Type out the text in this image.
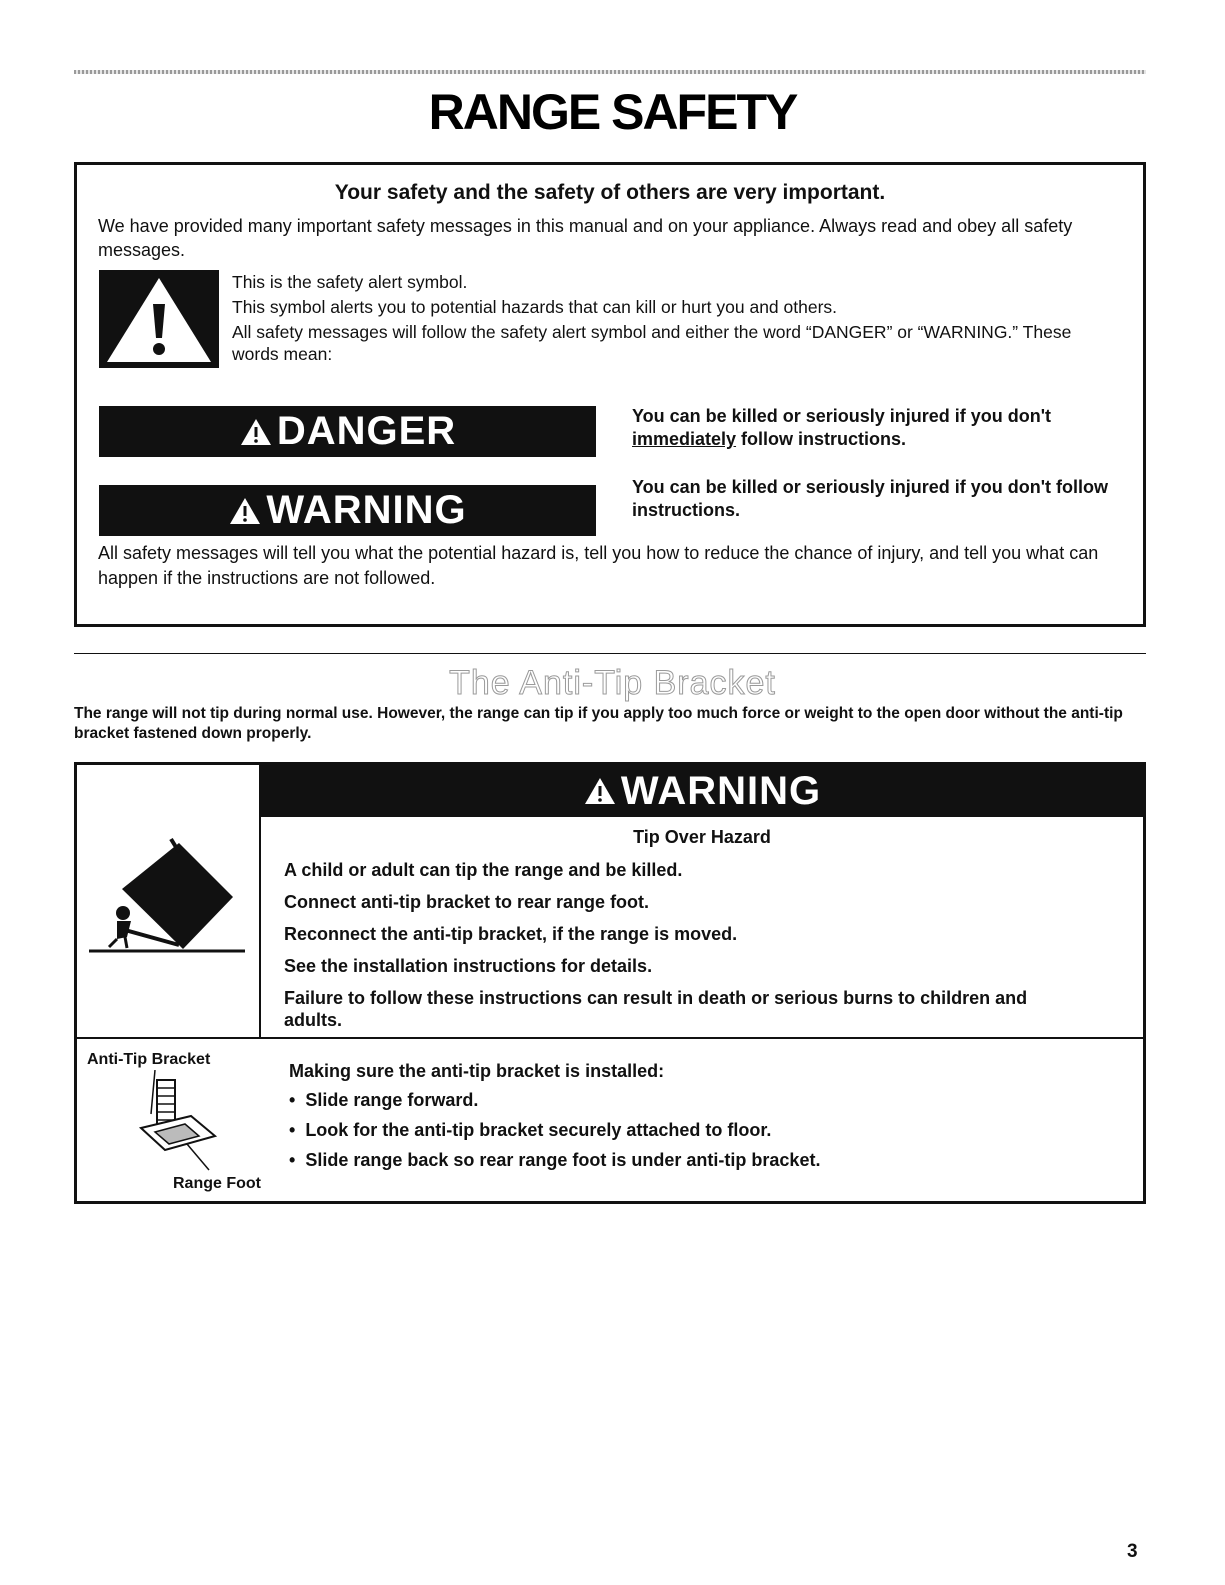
RANGE SAFETY
Your safety and the safety of others are very important.
We have provided many important safety messages in this manual and on your appliance. Always read and obey all safety messages.
This is the safety alert symbol.
This symbol alerts you to potential hazards that can kill or hurt you and others.
All safety messages will follow the safety alert symbol and either the word “DANGER” or “WARNING.” These words mean:
DANGER	You can be killed or seriously injured if you don't immediately follow instructions.
WARNING
You can be killed or seriously injured if you don't follow instructions.
All safety messages will tell you what the potential hazard is, tell you how to reduce the chance of injury, and tell you what can happen if the instructions are not followed.
The Anti-Tip Bracket
The range will not tip during normal use. However, the range can tip if you apply too much force or weight to the open door without the anti-tip bracket fastened down properly.
WARNING
Tip Over Hazard
A child or adult can tip the range and be killed.
Connect anti-tip bracket to rear range foot.
Reconnect the anti-tip bracket, if the range is moved.
See the installation instructions for details.
Failure to follow these instructions can result in death or serious burns to children and adults.
Anti-Tip Bracket
Range Foot
Making sure the anti-tip bracket is installed:
• Slide range forward.
• Look for the anti-tip bracket securely attached to floor.
• Slide range back so rear range foot is under anti-tip bracket.
3
